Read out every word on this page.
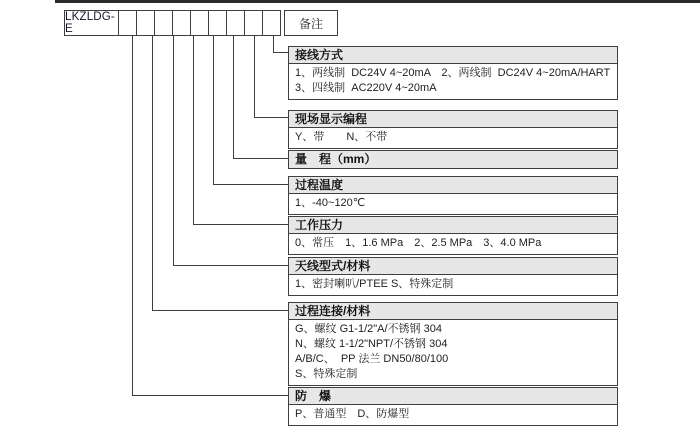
LKZLDG-E	备注
接线方式
1、两线制  DC24V 4~20mA　2、两线制  DC24V 4~20mA/HART
3、四线制  AC220V 4~20mA
现场显示编程
Y、带　　N、不带
量　程（mm）
过程温度
1、-40~120℃
工作压力
0、常压　1、1.6 MPa　2、2.5 MPa　3、4.0 MPa
天线型式/材料
1、密封喇叭/PTEE S、特殊定制
过程连接/材料
G、螺纹 G1-1/2"A/不锈钢 304
N、螺纹 1-1/2"NPT/不锈钢 304
A/B/C、  PP 法兰 DN50/80/100
S、特殊定制
防　爆
P、普通型　D、防爆型
